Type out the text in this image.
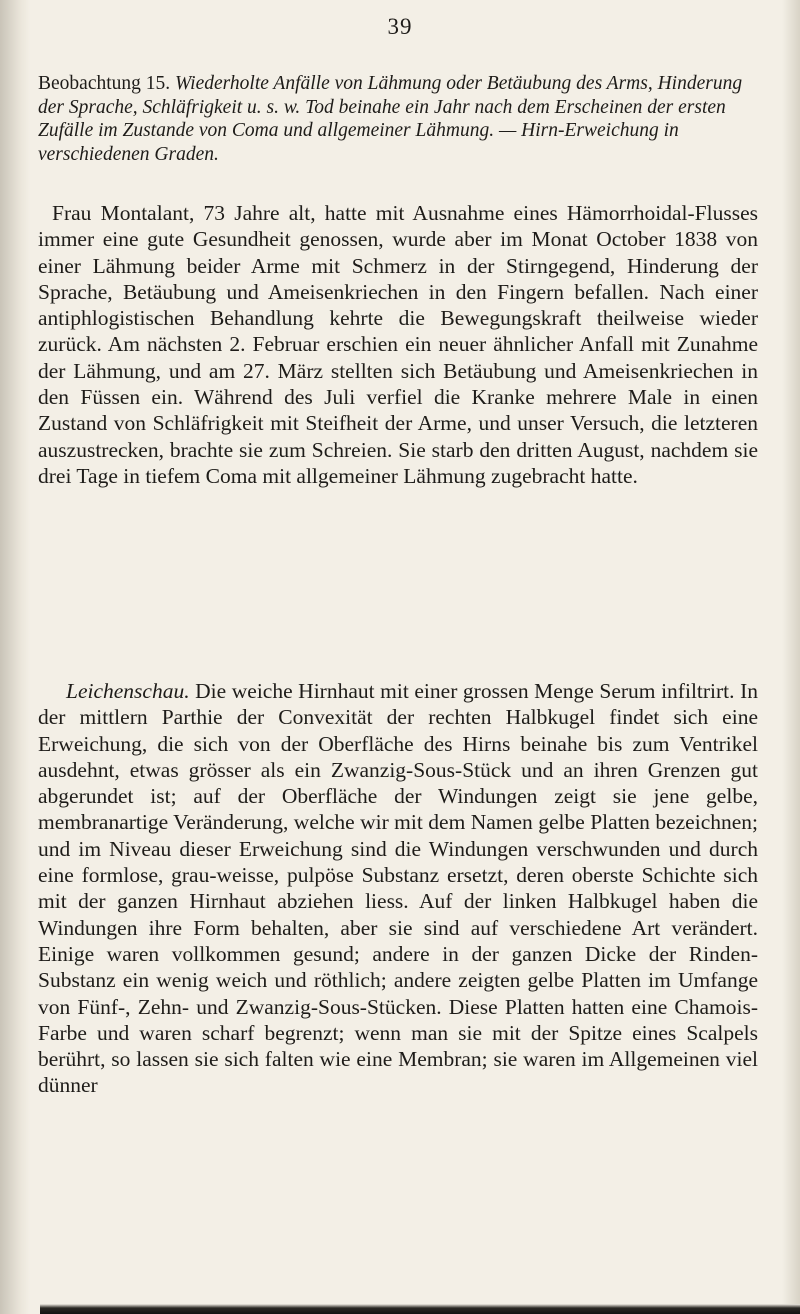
39
Beobachtung 15. Wiederholte Anfälle von Lähmung oder Betäubung des Arms, Hinderung der Sprache, Schläfrigkeit u. s. w. Tod beinahe ein Jahr nach dem Erscheinen der ersten Zufälle im Zustande von Coma und allgemeiner Lähmung. — Hirn-Erweichung in verschiedenen Graden.

Frau Montalant, 73 Jahre alt, hatte mit Ausnahme eines Hämorrhoidal-Flusses immer eine gute Gesundheit genossen, wurde aber im Monat October 1838 von einer Lähmung beider Arme mit Schmerz in der Stirngegend, Hinderung der Sprache, Betäubung und Ameisenkriechen in den Fingern befallen. Nach einer antiphlogistischen Behandlung kehrte die Bewegungskraft theilweise wieder zurück. Am nächsten 2. Februar erschien ein neuer ähnlicher Anfall mit Zunahme der Lähmung, und am 27. März stellten sich Betäubung und Ameisenkriechen in den Füssen ein. Während des Juli verfiel die Kranke mehrere Male in einen Zustand von Schläfrigkeit mit Steifheit der Arme, und unser Versuch, die letzteren auszustrecken, brachte sie zum Schreien. Sie starb den dritten August, nachdem sie drei Tage in tiefem Coma mit allgemeiner Lähmung zugebracht hatte.

Leichenschau. Die weiche Hirnhaut mit einer grossen Menge Serum infiltrirt. In der mittlern Parthie der Convexität der rechten Halbkugel findet sich eine Erweichung, die sich von der Oberfläche des Hirns beinahe bis zum Ventrikel ausdehnt, etwas grösser als ein Zwanzig-Sous-Stück und an ihren Grenzen gut abgerundet ist; auf der Oberfläche der Windungen zeigt sie jene gelbe, membranartige Veränderung, welche wir mit dem Namen gelbe Platten bezeichnen; und im Niveau dieser Erweichung sind die Windungen verschwunden und durch eine formlose, grau-weisse, pulpöse Substanz ersetzt, deren oberste Schichte sich mit der ganzen Hirnhaut abziehen liess. Auf der linken Halbkugel haben die Windungen ihre Form behalten, aber sie sind auf verschiedene Art verändert. Einige waren vollkommen gesund; andere in der ganzen Dicke der Rinden-Substanz ein wenig weich und röthlich; andere zeigten gelbe Platten im Umfange von Fünf-, Zehn- und Zwanzig-Sous-Stücken. Diese Platten hatten eine Chamois-Farbe und waren scharf begrenzt; wenn man sie mit der Spitze eines Scalpels berührt, so lassen sie sich falten wie eine Membran; sie waren im Allgemeinen viel dünner
